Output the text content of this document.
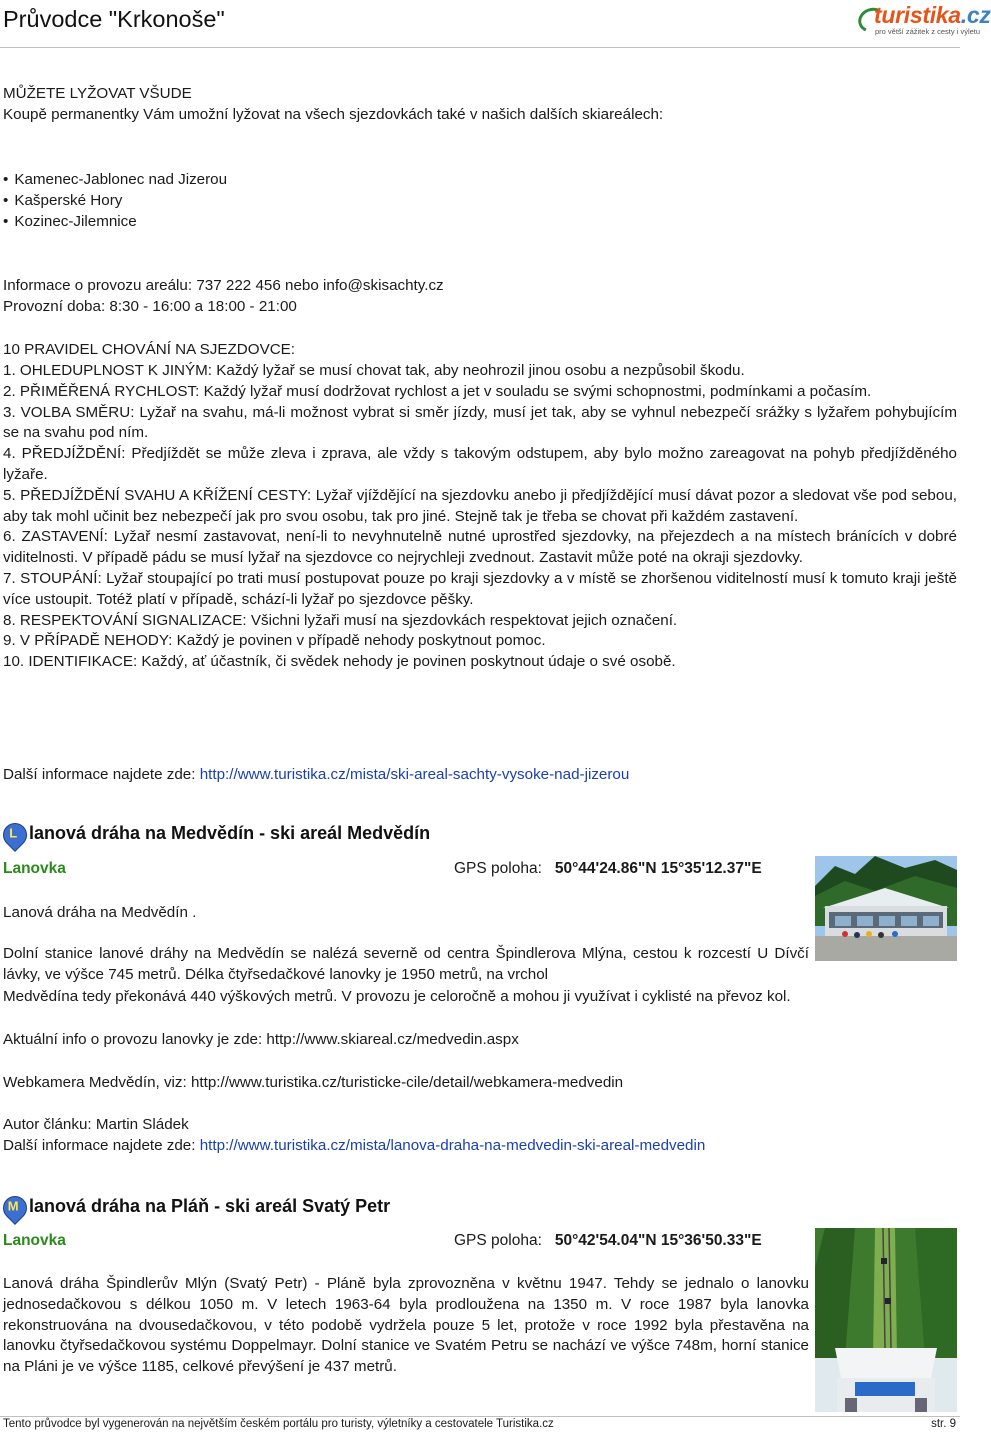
Průvodce "Krkonoše"	turistika.cz
pro větší zážitek z cesty i výletu
MŮŽETE LYŽOVAT VŠUDE
Koupě permanentky Vám umožní lyžovat na všech sjezdovkách také v našich dalších skiareálech:
• Kamenec-Jablonec nad Jizerou
• Kašperské Hory
• Kozinec-Jilemnice
Informace o provozu areálu: 737 222 456 nebo info@skisachty.cz
Provozní doba: 8:30 - 16:00 a 18:00 - 21:00
10 PRAVIDEL CHOVÁNÍ NA SJEZDOVCE:
1. OHLEDUPLNOST K JINÝM: Každý lyžař se musí chovat tak, aby neohrozil jinou osobu a nezpůsobil škodu.
2. PŘIMĚŘENÁ RYCHLOST: Každý lyžař musí dodržovat rychlost a jet v souladu se svými schopnostmi, podmínkami a počasím.
3. VOLBA SMĚRU: Lyžař na svahu, má-li možnost vybrat si směr jízdy, musí jet tak, aby se vyhnul nebezpečí srážky s lyžařem pohybujícím se na svahu pod ním.
4. PŘEDJÍŽDĚNÍ: Předjíždět se může zleva i zprava, ale vždy s takovým odstupem, aby bylo možno zareagovat na pohyb předjížděného lyžaře.
5. PŘEDJÍŽDĚNÍ SVAHU A KŘÍŽENÍ CESTY: Lyžař vjíždějící na sjezdovku anebo ji předjíždějící musí dávat pozor a sledovat vše pod sebou, aby tak mohl učinit bez nebezpečí jak pro svou osobu, tak pro jiné. Stejně tak je třeba se chovat při každém zastavení.
6. ZASTAVENÍ: Lyžař nesmí zastavovat, není-li to nevyhnutelně nutné uprostřed sjezdovky, na přejezdech a na místech bránících v dobré viditelnosti. V případě pádu se musí lyžař na sjezdovce co nejrychleji zvednout. Zastavit může poté na okraji sjezdovky.
7. STOUPÁNÍ: Lyžař stoupající po trati musí postupovat pouze po kraji sjezdovky a v místě se zhoršenou viditelností musí k tomuto kraji ještě více ustoupit. Totéž platí v případě, schází-li lyžař po sjezdovce pěšky.
8. RESPEKTOVÁNÍ SIGNALIZACE: Všichni lyžaři musí na sjezdovkách respektovat jejich označení.
9. V PŘÍPADĚ NEHODY: Každý je povinen v případě nehody poskytnout pomoc.
10. IDENTIFIKACE: Každý, ať účastník, či svědek nehody je povinen poskytnout údaje o své osobě.
Další informace najdete zde: http://www.turistika.cz/mista/ski-areal-sachty-vysoke-nad-jizerou
L lanová dráha na Medvědín - ski areál Medvědín
Lanovka	GPS poloha: 50°44'24.86"N 15°35'12.37"E
Lanová dráha na Medvědín .
Dolní stanice lanové dráhy na Medvědín se nalézá severně od centra Špindlerova Mlýna, cestou k rozcestí U Dívčí lávky, ve výšce 745 metrů. Délka čtyřsedačkové lanovky je 1950 metrů, na vrchol
Medvědína tedy překonává 440 výškových metrů. V provozu je celoročně a mohou ji využívat i cyklisté na převoz kol.
Aktuální info o provozu lanovky je zde: http://www.skiareal.cz/medvedin.aspx
Webkamera Medvědín, viz: http://www.turistika.cz/turisticke-cile/detail/webkamera-medvedin
Autor článku: Martin Sládek
Další informace najdete zde: http://www.turistika.cz/mista/lanova-draha-na-medvedin-ski-areal-medvedin
M lanová dráha na Pláň - ski areál Svatý Petr
Lanovka	GPS poloha: 50°42'54.04"N 15°36'50.33"E
Lanová dráha Špindlerův Mlýn (Svatý Petr) - Pláně byla zprovozněna v květnu 1947. Tehdy se jednalo o lanovku jednosedačkovou s délkou 1050 m. V letech 1963-64 byla prodloužena na 1350 m. V roce 1987 byla lanovka rekonstruována na dvousedačkovou, v této podobě vydržela pouze 5 let, protože v roce 1992 byla přestavěna na lanovku čtyřsedačkovou systému Doppelmayr. Dolní stanice ve Svatém Petru se nachází ve výšce 748m, horní stanice na Pláni je ve výšce 1185, celkové převýšení je 437 metrů.
Tento průvodce byl vygenerován na největším českém portálu pro turisty, výletníky a cestovatele Turistika.cz	str. 9
